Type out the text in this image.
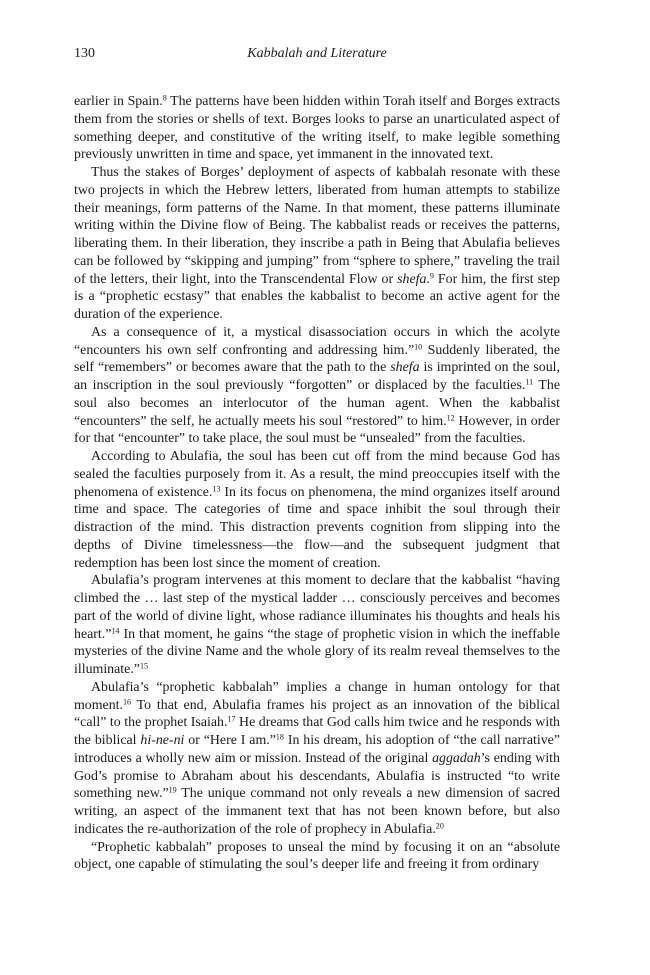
130	Kabbalah and Literature

earlier in Spain.$^8$ The patterns have been hidden within Torah itself and Borges extracts them from the stories or shells of text. Borges looks to parse an unarticulated aspect of something deeper, and constitutive of the writing itself, to make legible something previously unwritten in time and space, yet immanent in the innovated text.

Thus the stakes of Borges’ deployment of aspects of kabbalah resonate with these two projects in which the Hebrew letters, liberated from human attempts to stabilize their meanings, form patterns of the Name. In that moment, these patterns illuminate writing within the Divine flow of Being. The kabbalist reads or receives the patterns, liberating them. In their liberation, they inscribe a path in Being that Abulafia believes can be followed by “skipping and jumping” from “sphere to sphere,” traveling the trail of the letters, their light, into the Transcendental Flow or shefa.$^9$ For him, the first step is a “prophetic ecstasy” that enables the kabbalist to become an active agent for the duration of the experience.

As a consequence of it, a mystical disassociation occurs in which the acolyte “encounters his own self confronting and addressing him.”$^{10}$ Suddenly liberated, the self “remembers” or becomes aware that the path to the shefa is imprinted on the soul, an inscription in the soul previously “forgotten” or displaced by the faculties.$^{11}$ The soul also becomes an interlocutor of the human agent. When the kabbalist “encounters” the self, he actually meets his soul “restored” to him.$^{12}$ However, in order for that “encounter” to take place, the soul must be “unsealed” from the faculties.

According to Abulafia, the soul has been cut off from the mind because God has sealed the faculties purposely from it. As a result, the mind preoccupies itself with the phenomena of existence.$^{13}$ In its focus on phenomena, the mind organizes itself around time and space. The categories of time and space inhibit the soul through their distraction of the mind. This distraction prevents cognition from slipping into the depths of Divine timelessness—the flow—and the subsequent judgment that redemption has been lost since the moment of creation.

Abulafia’s program intervenes at this moment to declare that the kabbalist “having climbed the … last step of the mystical ladder … consciously perceives and becomes part of the world of divine light, whose radiance illuminates his thoughts and heals his heart.”$^{14}$ In that moment, he gains “the stage of prophetic vision in which the ineffable mysteries of the divine Name and the whole glory of its realm reveal themselves to the illuminate.”$^{15}$

Abulafia’s “prophetic kabbalah” implies a change in human ontology for that moment.$^{16}$ To that end, Abulafia frames his project as an innovation of the biblical “call” to the prophet Isaiah.$^{17}$ He dreams that God calls him twice and he responds with the biblical hi-ne-ni or “Here I am.”$^{18}$ In his dream, his adoption of “the call narrative” introduces a wholly new aim or mission. Instead of the original aggadah’s ending with God’s promise to Abraham about his descendants, Abulafia is instructed “to write something new.”$^{19}$ The unique command not only reveals a new dimension of sacred writing, an aspect of the immanent text that has not been known before, but also indicates the re-authorization of the role of prophecy in Abulafia.$^{20}$

“Prophetic kabbalah” proposes to unseal the mind by focusing it on an “absolute object, one capable of stimulating the soul’s deeper life and freeing it from ordinary
